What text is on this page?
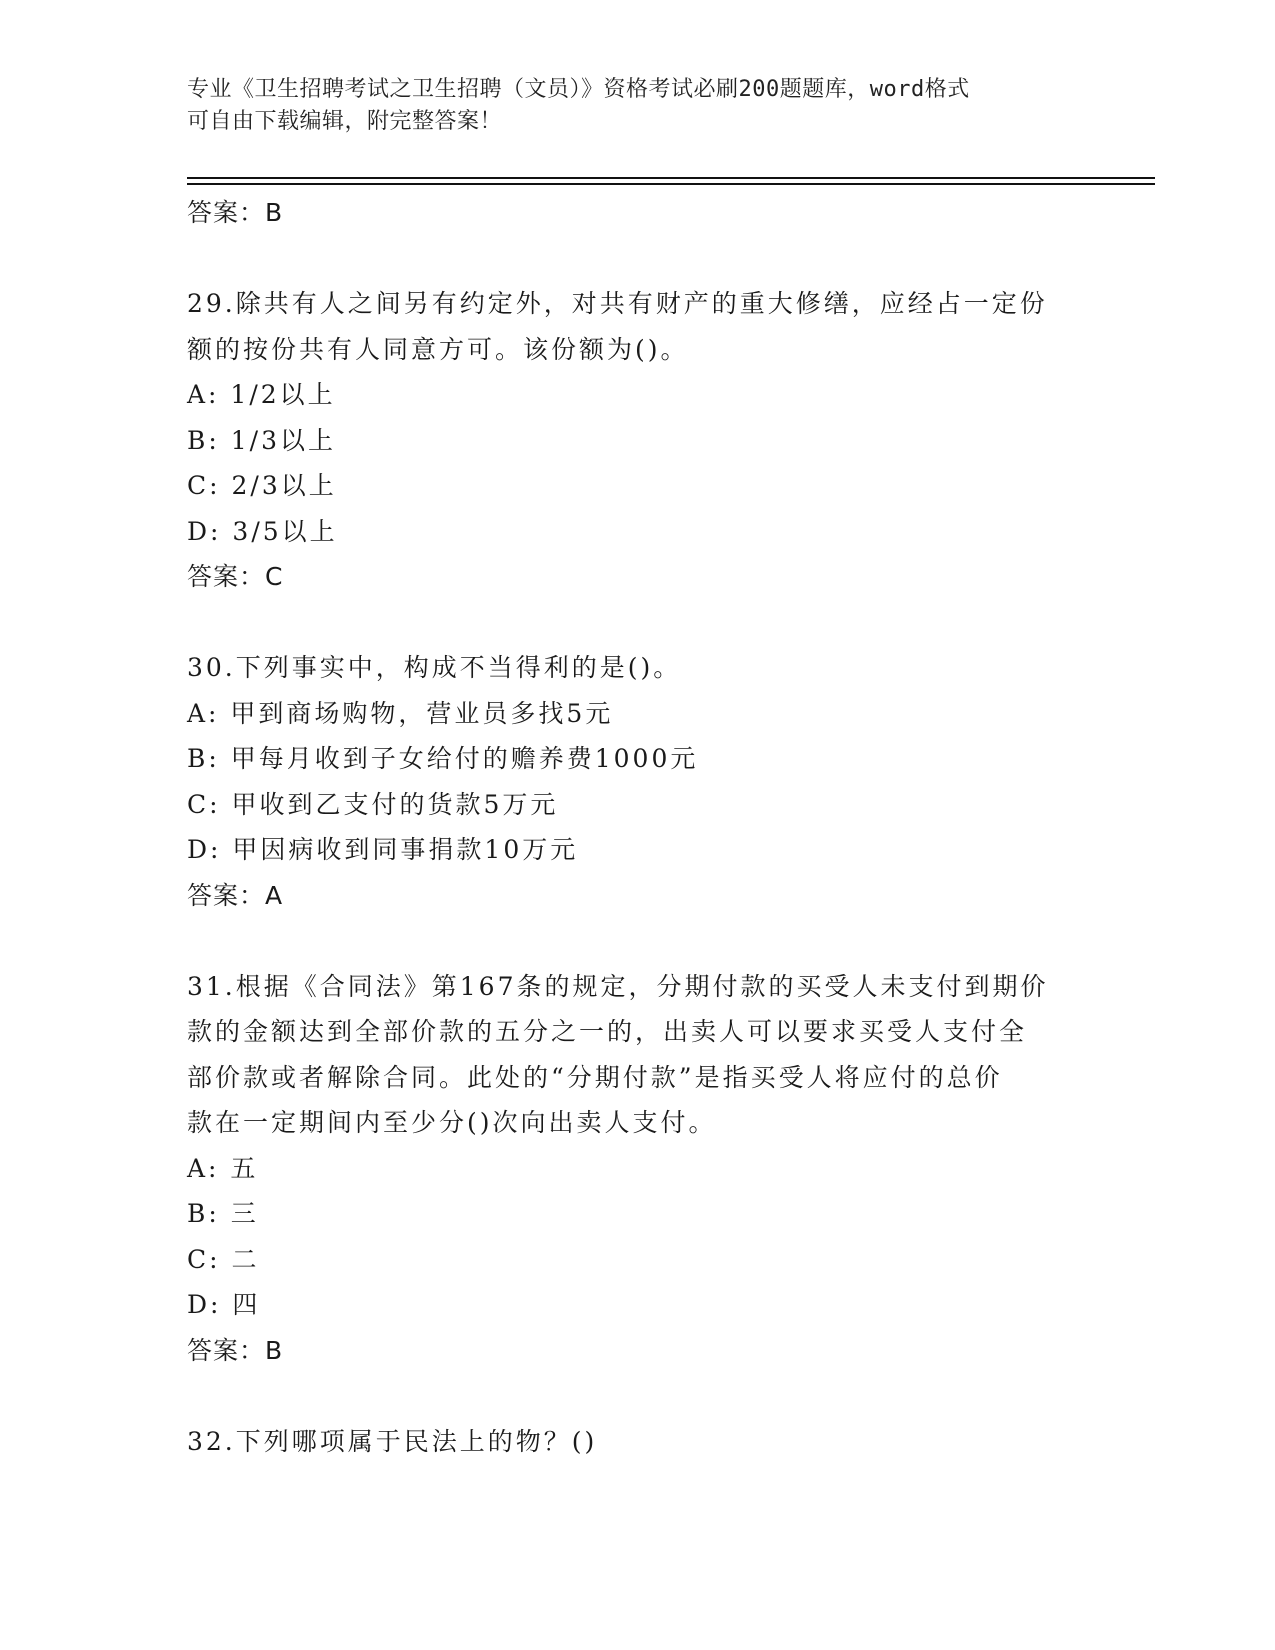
专业《卫生招聘考试之卫生招聘（文员）》资格考试必刷200题题库，word格式
可自由下载编辑，附完整答案！
答案：B
29.除共有人之间另有约定外，对共有财产的重大修缮，应经占一定份
额的按份共有人同意方可。该份额为()。
A: 1/2以上
B: 1/3以上
C: 2/3以上
D: 3/5以上
答案：C
30.下列事实中，构成不当得利的是()。
A: 甲到商场购物，营业员多找5元
B: 甲每月收到子女给付的赡养费1000元
C: 甲收到乙支付的货款5万元
D: 甲因病收到同事捐款10万元
答案：A
31.根据《合同法》第167条的规定，分期付款的买受人未支付到期价
款的金额达到全部价款的五分之一的，出卖人可以要求买受人支付全
部价款或者解除合同。此处的“分期付款”是指买受人将应付的总价
款在一定期间内至少分()次向出卖人支付。
A: 五
B: 三
C: 二
D: 四
答案：B
32.下列哪项属于民法上的物？()
